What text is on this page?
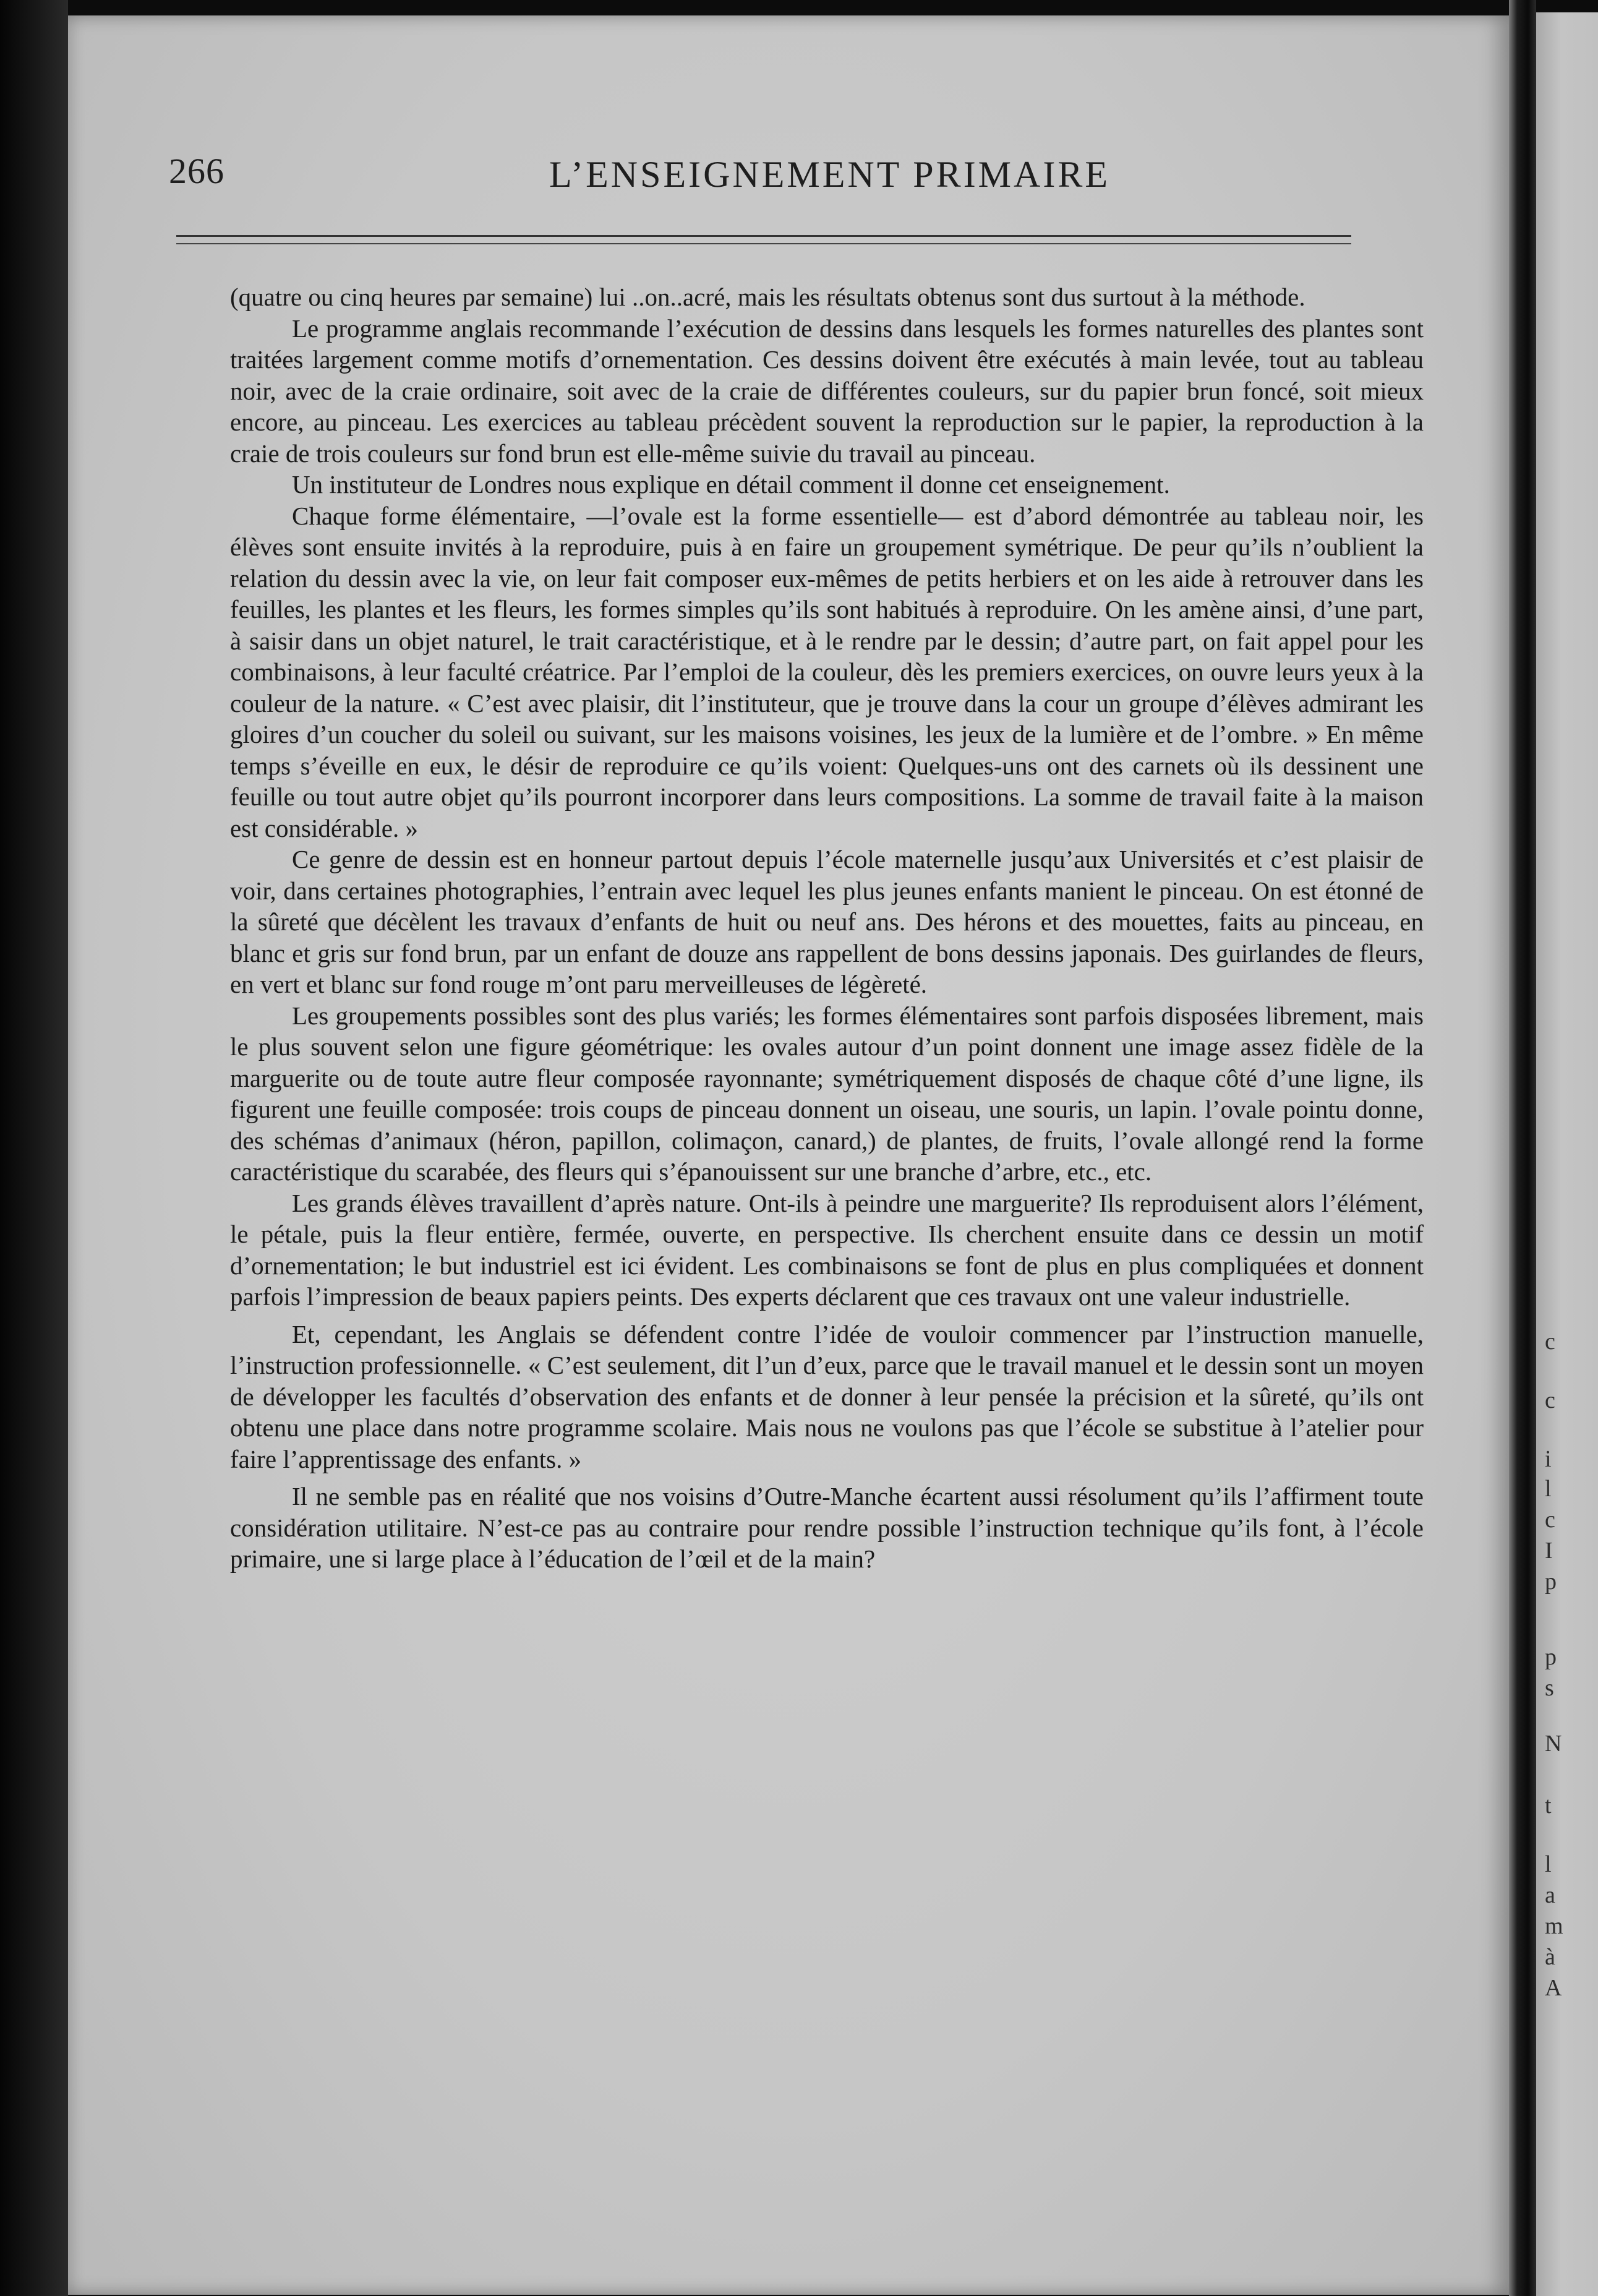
266	L’ENSEIGNEMENT PRIMAIRE

(quatre ou cinq heures par semaine) lui ..on..acré, mais les résultats obtenus sont dus surtout à la méthode.

Le programme anglais recommande l’exécution de dessins dans lesquels les formes naturelles des plantes sont traitées largement comme motifs d’ornementation. Ces dessins doivent être exécutés à main levée, tout au tableau noir, avec de la craie ordinaire, soit avec de la craie de différentes couleurs, sur du papier brun foncé, soit mieux encore, au pinceau. Les exercices au tableau précèdent souvent la reproduction sur le papier, la reproduction à la craie de trois couleurs sur fond brun est elle-même suivie du travail au pinceau.

Un instituteur de Londres nous explique en détail comment il donne cet enseignement.

Chaque forme élémentaire, —l’ovale est la forme essentielle— est d’abord démontrée au tableau noir, les élèves sont ensuite invités à la reproduire, puis à en faire un groupement symétrique. De peur qu’ils n’oublient la relation du dessin avec la vie, on leur fait composer eux-mêmes de petits herbiers et on les aide à retrouver dans les feuilles, les plantes et les fleurs, les formes simples qu’ils sont habitués à reproduire. On les amène ainsi, d’une part, à saisir dans un objet naturel, le trait caractéristique, et à le rendre par le dessin; d’autre part, on fait appel pour les combinaisons, à leur faculté créatrice. Par l’emploi de la couleur, dès les premiers exercices, on ouvre leurs yeux à la couleur de la nature. « C’est avec plaisir, dit l’instituteur, que je trouve dans la cour un groupe d’élèves admirant les gloires d’un coucher du soleil ou suivant, sur les maisons voisines, les jeux de la lumière et de l’ombre. » En même temps s’éveille en eux, le désir de reproduire ce qu’ils voient: Quelques-uns ont des carnets où ils dessinent une feuille ou tout autre objet qu’ils pourront incorporer dans leurs compositions. La somme de travail faite à la maison est considérable. »

Ce genre de dessin est en honneur partout depuis l’école maternelle jusqu’aux Universités et c’est plaisir de voir, dans certaines photographies, l’entrain avec lequel les plus jeunes enfants manient le pinceau. On est étonné de la sûreté que décèlent les travaux d’enfants de huit ou neuf ans. Des hérons et des mouettes, faits au pinceau, en blanc et gris sur fond brun, par un enfant de douze ans rappellent de bons dessins japonais. Des guirlandes de fleurs, en vert et blanc sur fond rouge m’ont paru merveilleuses de légèreté.

Les groupements possibles sont des plus variés; les formes élémentaires sont parfois disposées librement, mais le plus souvent selon une figure géométrique: les ovales autour d’un point donnent une image assez fidèle de la marguerite ou de toute autre fleur composée rayonnante; symétriquement disposés de chaque côté d’une ligne, ils figurent une feuille composée: trois coups de pinceau donnent un oiseau, une souris, un lapin. l’ovale pointu donne, des schémas d’animaux (héron, papillon, colimaçon, canard,) de plantes, de fruits, l’ovale allongé rend la forme caractéristique du scarabée, des fleurs qui s’épanouissent sur une branche d’arbre, etc., etc.

Les grands élèves travaillent d’après nature. Ont-ils à peindre une marguerite? Ils reproduisent alors l’élément, le pétale, puis la fleur entière, fermée, ouverte, en perspective. Ils cherchent ensuite dans ce dessin un motif d’ornementation; le but industriel est ici évident. Les combinaisons se font de plus en plus compliquées et donnent parfois l’impression de beaux papiers peints. Des experts déclarent que ces travaux ont une valeur industrielle.

Et, cependant, les Anglais se défendent contre l’idée de vouloir commencer par l’instruction manuelle, l’instruction professionnelle. « C’est seulement, dit l’un d’eux, parce que le travail manuel et le dessin sont un moyen de développer les facultés d’observation des enfants et de donner à leur pensée la précision et la sûreté, qu’ils ont obtenu une place dans notre programme scolaire. Mais nous ne voulons pas que l’école se substitue à l’atelier pour faire l’apprentissage des enfants. »

Il ne semble pas en réalité que nos voisins d’Outre-Manche écartent aussi résolument qu’ils l’affirment toute considération utilitaire. N’est-ce pas au contraire pour rendre possible l’instruction technique qu’ils font, à l’école primaire, une si large place à l’éducation de l’œil et de la main?

c
c
i
l
c
I
p
p
s
N
t
l
a
m
à
A
